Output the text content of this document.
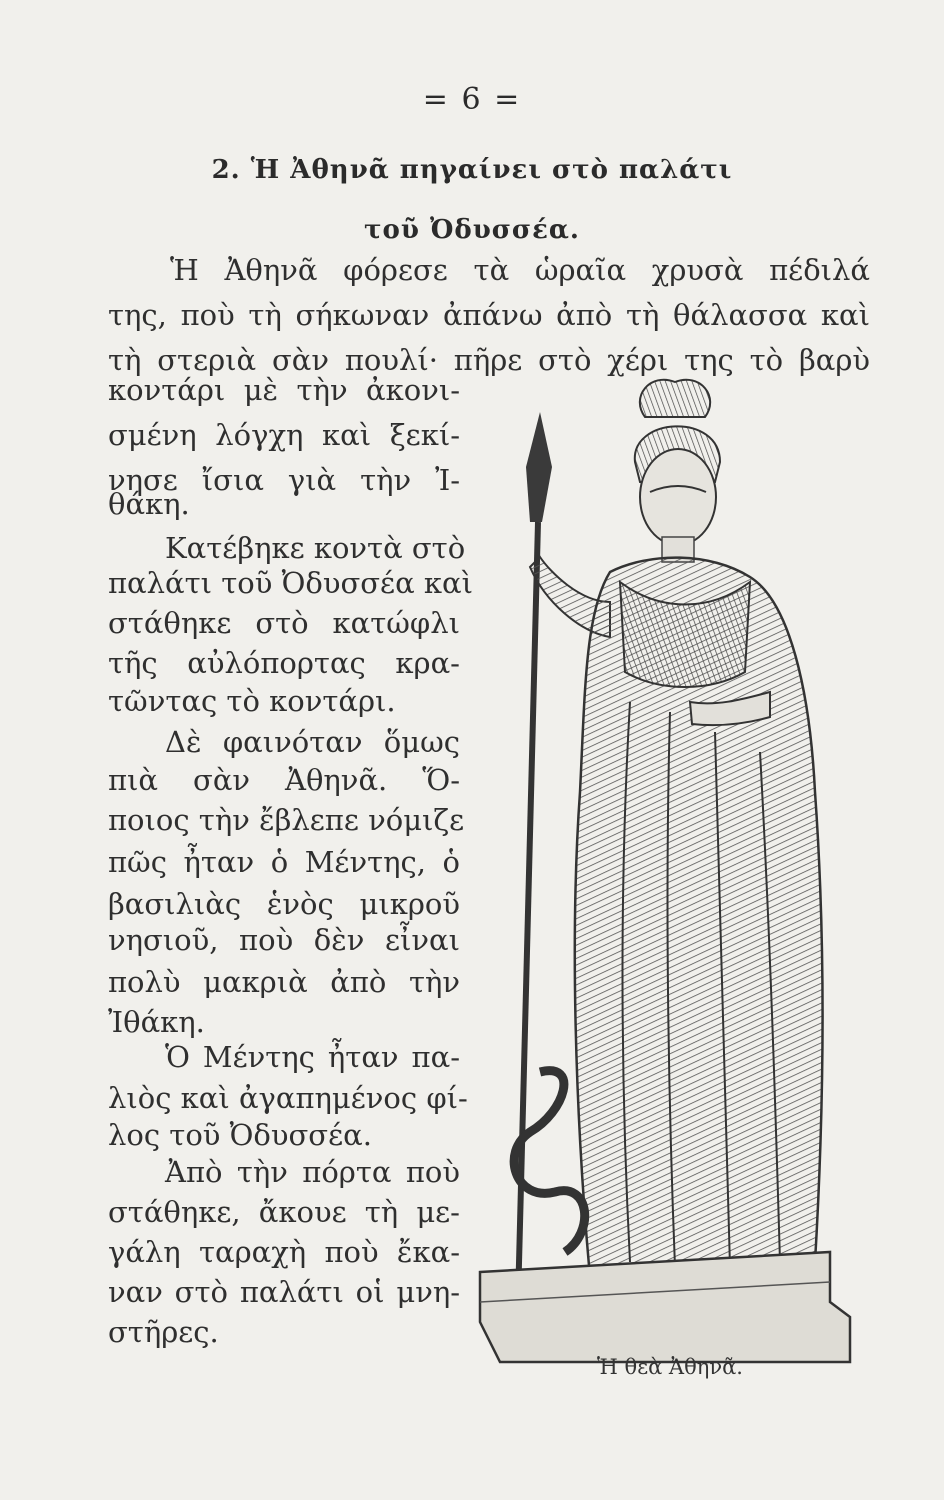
= 6 =
2. Ἡ Ἀθηνᾶ πηγαίνει στὸ παλάτι
τοῦ Ὀδυσσέα.
Ἡ Ἀθηνᾶ φόρεσε τὰ ὡραῖα χρυσὰ πέδιλά
της, ποὺ τὴ σήκωναν ἀπάνω ἀπὸ τὴ θάλασσα καὶ
τὴ στεριὰ σὰν πουλί· πῆρε στὸ χέρι της τὸ βαρὺ
κοντάρι μὲ τὴν ἀκονι-
σμένη λόγχη καὶ ξεκί-
νησε ἴσια γιὰ τὴν Ἰ-
θάκη.
Κατέβηκε κοντὰ στὸ
παλάτι τοῦ Ὀδυσσέα καὶ
στάθηκε στὸ κατώφλι
τῆς αὐλόπορτας κρα-
τῶντας τὸ κοντάρι.
Δὲ φαινόταν ὅμως
πιὰ σὰν Ἀθηνᾶ. Ὅ-
ποιος τὴν ἔβλεπε νόμιζε
πῶς ἦταν ὁ Μέντης, ὁ
βασιλιὰς ἑνὸς μικροῦ
νησιοῦ, ποὺ δὲν εἶναι
πολὺ μακριὰ ἀπὸ τὴν
Ἰθάκη.
Ὁ Μέντης ἦταν πα-
λιὸς καὶ ἀγαπημένος φί-
λος τοῦ Ὀδυσσέα.
Ἀπὸ τὴν πόρτα ποὺ
στάθηκε, ἄκουε τὴ με-
γάλη ταραχὴ ποὺ ἔκα-
ναν στὸ παλάτι οἱ μνη-
στῆρες.
Ἡ θεὰ Ἀθηνᾶ.
